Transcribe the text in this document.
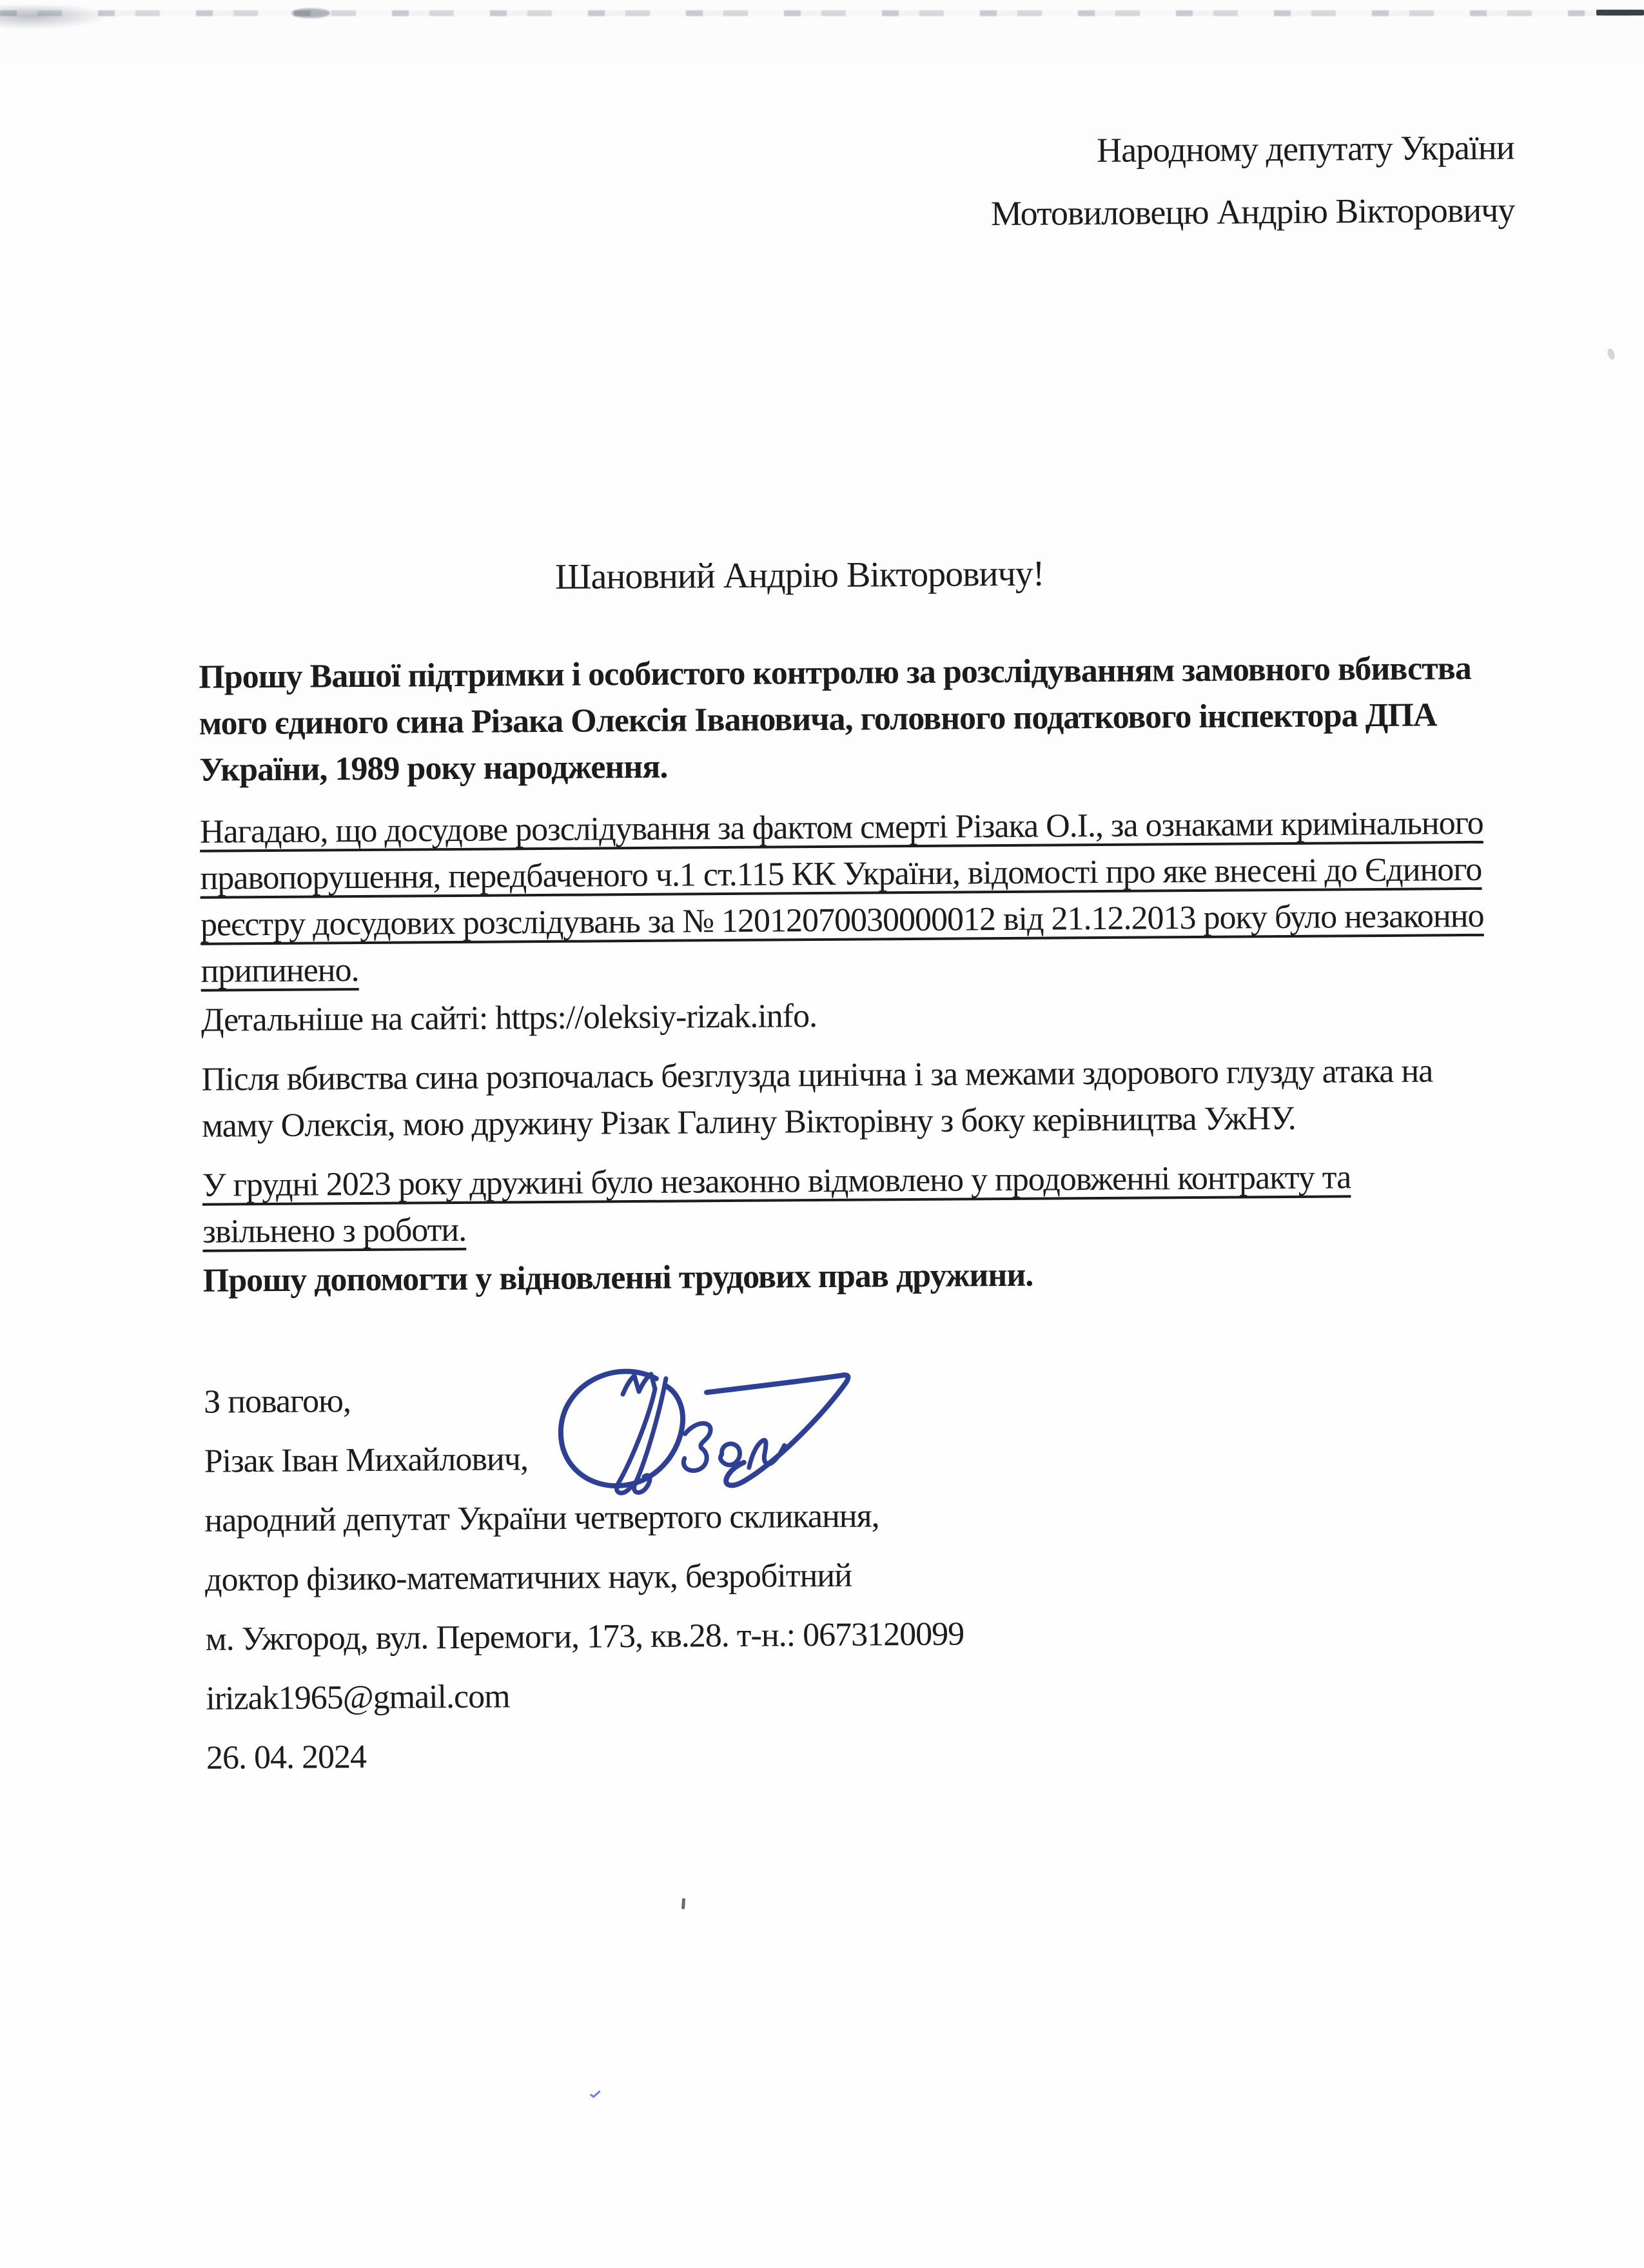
Народному депутату України
Мотовиловецю Андрію Вікторовичу
Шановний Андрію Вікторовичу!
Прошу Вашої підтримки і особистого контролю за розслідуванням замовного вбивства
мого єдиного сина Різака Олексія Івановича, головного податкового інспектора ДПА
України, 1989 року народження.
Нагадаю, що досудове розслідування за фактом смерті Різака О.І., за ознаками кримінального
правопорушення, передбаченого ч.1 ст.115 КК України, відомості про яке внесені до Єдиного
реєстру досудових розслідувань за № 12012070030000012 від 21.12.2013 року було незаконно
припинено.
Детальніше на сайті: https://oleksiy-rizak.info.
Після вбивства сина розпочалась безглузда цинічна і за межами здорового глузду атака на
маму Олексія, мою дружину Різак Галину Вікторівну з боку керівництва УжНУ.
У грудні 2023 року дружині було незаконно відмовлено у продовженні контракту та
звільнено з роботи.
Прошу допомогти у відновленні трудових прав дружини.
З повагою,
Різак Іван Михайлович,
народний депутат України четвертого скликання,
доктор фізико-математичних наук, безробітний
м. Ужгород, вул. Перемоги, 173, кв.28. т-н.: 0673120099
irizak1965@gmail.com
26. 04. 2024
